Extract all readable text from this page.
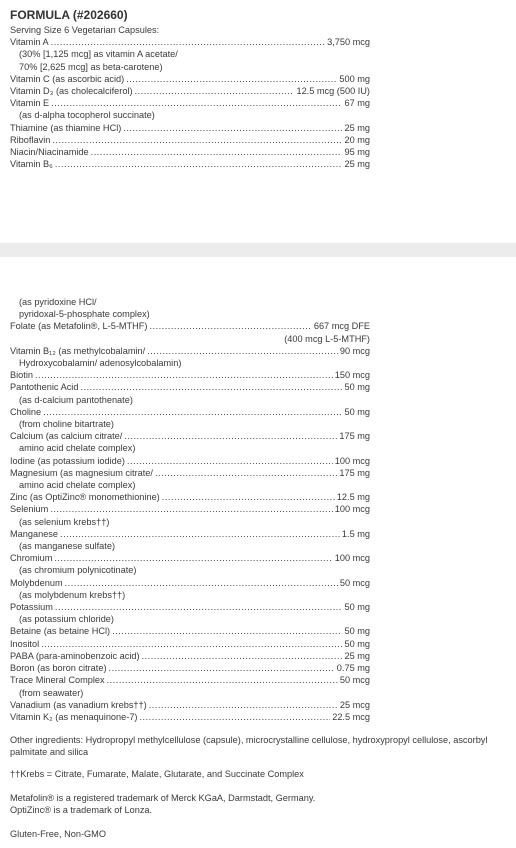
FORMULA (#202660)
Serving Size 6 Vegetarian Capsules:
Vitamin A .....	3,750 mcg
(30% [1,125 mcg] as vitamin A acetate/
70% [2,625 mcg] as beta-carotene)
Vitamin C (as ascorbic acid) .....	500 mg
Vitamin D₃ (as cholecalciferol) .....	12.5 mcg (500 IU)
Vitamin E .....	67 mg
(as d-alpha tocopherol succinate)
Thiamine (as thiamine HCl) .....	25 mg
Riboflavin .....	20 mg
Niacin/Niacinamide .....	95 mg
Vitamin B₆ .....	25 mg
(as pyridoxine HCl/
pyridoxal-5-phosphate complex)
Folate (as Metafolin®, L-5-MTHF) .....	667 mcg DFE
(400 mcg L-5-MTHF)
Vitamin B₁₂ (as methylcobalamin/ .....	90 mcg
Hydroxycobalamin/ adenosylcobalamin)
Biotin .....	150 mcg
Pantothenic Acid .....	50 mg
(as d-calcium pantothenate)
Choline .....	50 mg
(from choline bitartrate)
Calcium (as calcium citrate/ .....	175 mg
amino acid chelate complex)
Iodine (as potassium iodide) .....	100 mcg
Magnesium (as magnesium citrate/ .....	175 mg
amino acid chelate complex)
Zinc (as OptiZinc® monomethionine) .....	12.5 mg
Selenium .....	100 mcg
(as selenium krebs††)
Manganese .....	1.5 mg
(as manganese sulfate)
Chromium .....	100 mcg
(as chromium polynicotinate)
Molybdenum .....	50 mcg
(as molybdenum krebs††)
Potassium .....	50 mg
(as potassium chloride)
Betaine (as betaine HCl) .....	50 mg
Inositol .....	50 mg
PABA (para-aminobenzoic acid) .....	25 mg
Boron (as boron citrate) .....	0.75 mg
Trace Mineral Complex .....	50 mcg
(from seawater)
Vanadium (as vanadium krebs††) .....	25 mcg
Vitamin K₂ (as menaquinone-7) .....	22.5 mcg

Other ingredients: Hydropropyl methylcellulose (capsule), microcrystalline cellulose, hydroxypropyl cellulose, ascorbyl palmitate and silica

††Krebs = Citrate, Fumarate, Malate, Glutarate, and Succinate Complex

Metafolin® is a registered trademark of Merck KGaA, Darmstadt, Germany.

OptiZinc® is a trademark of Lonza.

Gluten-Free, Non-GMO
